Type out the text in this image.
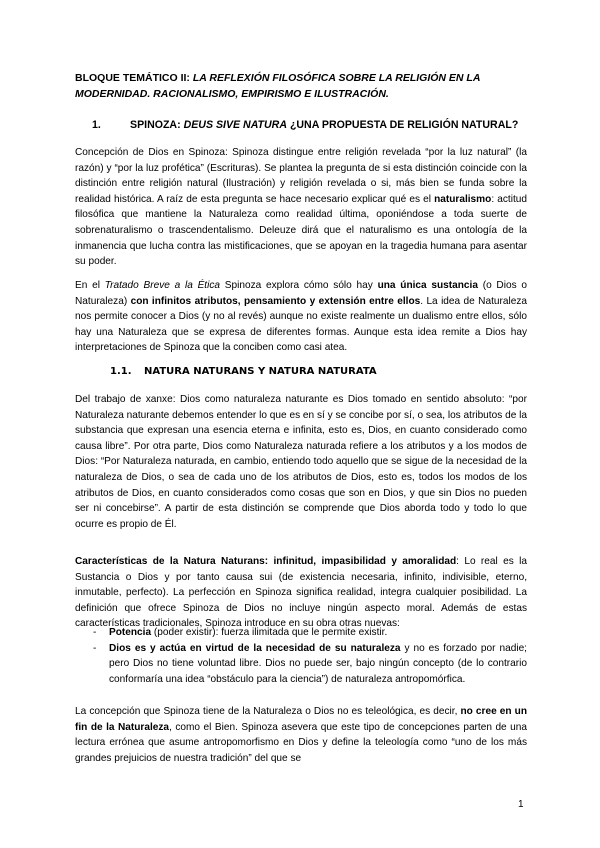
BLOQUE TEMÁTICO II: LA REFLEXIÓN FILOSÓFICA SOBRE LA RELIGIÓN EN LA MODERNIDAD. RACIONALISMO, EMPIRISMO E ILUSTRACIÓN.
1.	SPINOZA: DEUS SIVE NATURA ¿UNA PROPUESTA DE RELIGIÓN NATURAL?
Concepción de Dios en Spinoza: Spinoza distingue entre religión revelada “por la luz natural” (la razón) y “por la luz profética” (Escrituras). Se plantea la pregunta de si esta distinción coincide con la distinción entre religión natural (Ilustración) y religión revelada o si, más bien se funda sobre la realidad histórica. A raíz de esta pregunta se hace necesario explicar qué es el naturalismo: actitud filosófica que mantiene la Naturaleza como realidad última, oponiéndose a toda suerte de sobrenaturalismo o trascendentalismo. Deleuze dirá que el naturalismo es una ontología de la inmanencia que lucha contra las mistificaciones, que se apoyan en la tragedia humana para asentar su poder.
En el Tratado Breve a la Ética Spinoza explora cómo sólo hay una única sustancia (o Dios o Naturaleza) con infinitos atributos, pensamiento y extensión entre ellos. La idea de Naturaleza nos permite conocer a Dios (y no al revés) aunque no existe realmente un dualismo entre ellos, sólo hay una Naturaleza que se expresa de diferentes formas. Aunque esta idea remite a Dios hay interpretaciones de Spinoza que la conciben como casi atea.
1.1. NATURA NATURANS Y NATURA NATURATA
Del trabajo de xanxe: Dios como naturaleza naturante es Dios tomado en sentido absoluto: “por Naturaleza naturante debemos entender lo que es en sí y se concibe por sí, o sea, los atributos de la substancia que expresan una esencia eterna e infinita, esto es, Dios, en cuanto considerado como causa libre”. Por otra parte, Dios como Naturaleza naturada refiere a los atributos y a los modos de Dios: “Por Naturaleza naturada, en cambio, entiendo todo aquello que se sigue de la necesidad de la naturaleza de Dios, o sea de cada uno de los atributos de Dios, esto es, todos los modos de los atributos de Dios, en cuanto considerados como cosas que son en Dios, y que sin Dios no pueden ser ni concebirse”. A partir de esta distinción se comprende que Dios aborda todo y todo lo que ocurre es propio de Él.
Características de la Natura Naturans: infinitud, impasibilidad y amoralidad: Lo real es la Sustancia o Dios y por tanto causa sui (de existencia necesaria, infinito, indivisible, eterno, inmutable, perfecto). La perfección en Spinoza significa realidad, integra cualquier posibilidad. La definición que ofrece Spinoza de Dios no incluye ningún aspecto moral. Además de estas características tradicionales, Spinoza introduce en su obra otras nuevas:
- Potencia (poder existir): fuerza ilimitada que le permite existir.
- Dios es y actúa en virtud de la necesidad de su naturaleza y no es forzado por nadie; pero Dios no tiene voluntad libre. Dios no puede ser, bajo ningún concepto (de lo contrario conformaría una idea “obstáculo para la ciencia”) de naturaleza antropomórfica.
La concepción que Spinoza tiene de la Naturaleza o Dios no es teleológica, es decir, no cree en un fin de la Naturaleza, como el Bien. Spinoza asevera que este tipo de concepciones parten de una lectura errónea que asume antropomorfismo en Dios y define la teleología como “uno de los más grandes prejuicios de nuestra tradición” del que se
1
